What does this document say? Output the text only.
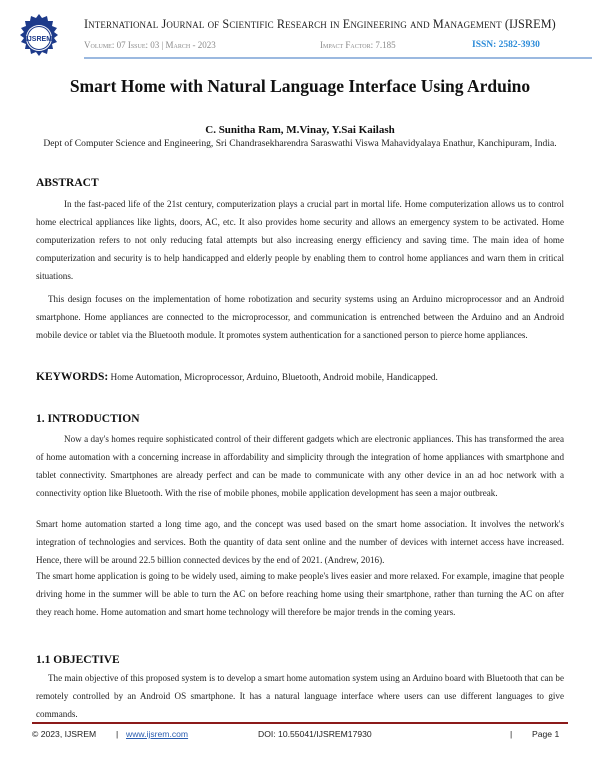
IJSREM
International Journal of Scientific Research in Engineering and Management (IJSREM)
Volume: 07 Issue: 03 | March - 2023	Impact Factor: 7.185	ISSN: 2582-3930
Smart Home with Natural Language Interface Using Arduino
C. Sunitha Ram, M.Vinay, Y.Sai Kailash
Dept of Computer Science and Engineering, Sri Chandrasekharendra Saraswathi Viswa Mahavidyalaya Enathur, Kanchipuram, India.
ABSTRACT
In the fast-paced life of the 21st century, computerization plays a crucial part in mortal life. Home computerization allows us to control home electrical appliances like lights, doors, AC, etc. It also provides home security and allows an emergency system to be activated. Home computerization refers to not only reducing fatal attempts but also increasing energy efficiency and saving time. The main idea of home computerization and security is to help handicapped and elderly people by enabling them to control home appliances and warn them in critical situations.
This design focuses on the implementation of home robotization and security systems using an Arduino microprocessor and an Android smartphone. Home appliances are connected to the microprocessor, and communication is entrenched between the Arduino and an Android mobile device or tablet via the Bluetooth module. It promotes system authentication for a sanctioned person to pierce home appliances.
KEYWORDS: Home Automation, Microprocessor, Arduino, Bluetooth, Android mobile, Handicapped.
1. INTRODUCTION
Now a day's homes require sophisticated control of their different gadgets which are electronic appliances. This has transformed the area of home automation with a concerning increase in affordability and simplicity through the integration of home appliances with smartphone and tablet connectivity. Smartphones are already perfect and can be made to communicate with any other device in an ad hoc network with a connectivity option like Bluetooth. With the rise of mobile phones, mobile application development has seen a major outbreak.
Smart home automation started a long time ago, and the concept was used based on the smart home association. It involves the network's integration of technologies and services. Both the quantity of data sent online and the number of devices with internet access have increased. Hence, there will be around 22.5 billion connected devices by the end of 2021. (Andrew, 2016).
The smart home application is going to be widely used, aiming to make people's lives easier and more relaxed. For example, imagine that people driving home in the summer will be able to turn the AC on before reaching home using their smartphone, rather than turning the AC on after they reach home. Home automation and smart home technology will therefore be major trends in the coming years.
1.1 OBJECTIVE
The main objective of this proposed system is to develop a smart home automation system using an Arduino board with Bluetooth that can be remotely controlled by an Android OS smartphone. It has a natural language interface where users can use different languages to give commands.
© 2023, IJSREM | www.ijsrem.com	DOI: 10.55041/IJSREM17930	| Page 1
